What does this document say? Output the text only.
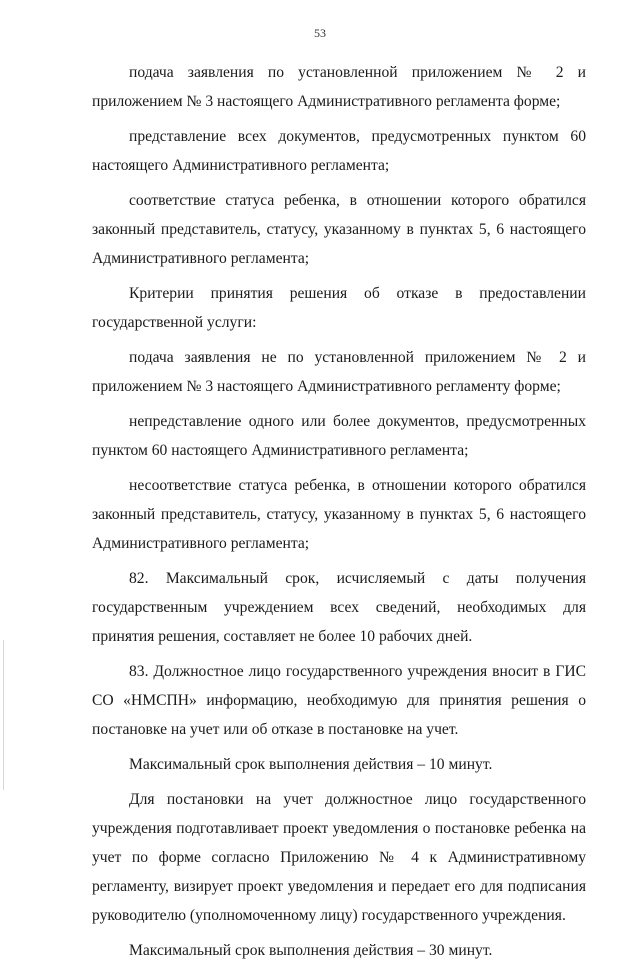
53

подача заявления по установленной приложением № 2 и приложением № 3 настоящего Административного регламента форме;

представление всех документов, предусмотренных пунктом 60 настоящего Административного регламента;

соответствие статуса ребенка, в отношении которого обратился законный представитель, статусу, указанному в пунктах 5, 6 настоящего Административного регламента;

Критерии принятия решения об отказе в предоставлении государственной услуги:

подача заявления не по установленной приложением № 2 и приложением № 3 настоящего Административного регламенту форме;

непредставление одного или более документов, предусмотренных пунктом 60 настоящего Административного регламента;

несоответствие статуса ребенка, в отношении которого обратился законный представитель, статусу, указанному в пунктах 5, 6 настоящего Административного регламента;

82. Максимальный срок, исчисляемый с даты получения государственным учреждением всех сведений, необходимых для принятия решения, составляет не более 10 рабочих дней.

83. Должностное лицо государственного учреждения вносит в ГИС СО «НМСПН» информацию, необходимую для принятия решения о постановке на учет или об отказе в постановке на учет.

Максимальный срок выполнения действия – 10 минут.

Для постановки на учет должностное лицо государственного учреждения подготавливает проект уведомления о постановке ребенка на учет по форме согласно Приложению № 4 к Административному регламенту, визирует проект уведомления и передает его для подписания руководителю (уполномоченному лицу) государственного учреждения.

Максимальный срок выполнения действия – 30 минут.
